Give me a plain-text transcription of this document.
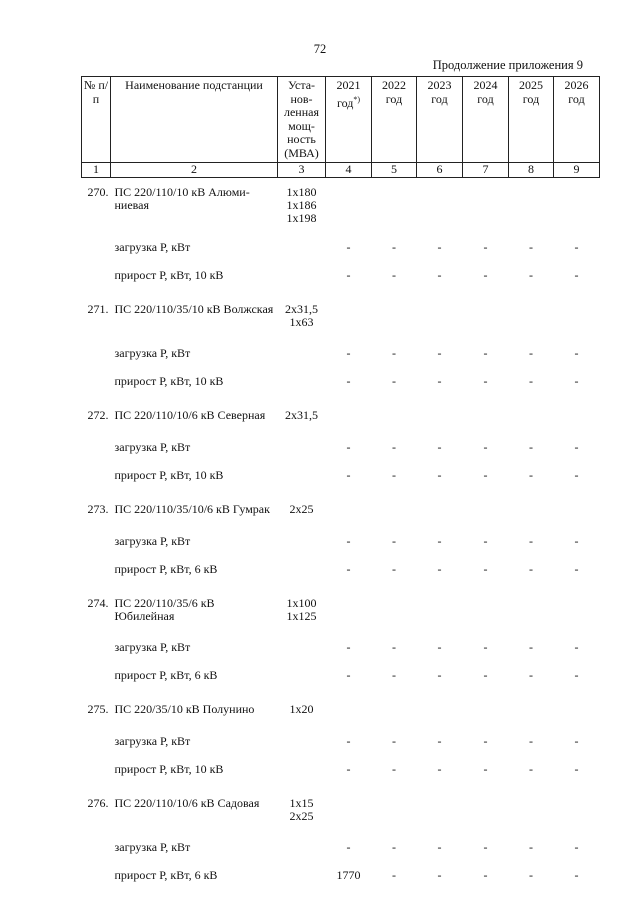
72
Продолжение приложения 9
№ п/п	Наименование подстанции	Уста-нов-ленная мощ-ность (МВА)	2021 год*)	2022 год	2023 год	2024 год	2025 год	2026 год
1	2	3	4	5	6	7	8	9
270.	ПС 220/110/10 кВ Алюми-ниевая	1х180
1х186
1х198						

	загрузка Р, кВт		-	-	-	-	-	-
	прирост Р, кВт, 10 кВ		-	-	-	-	-	-
271.	ПС 220/110/35/10 кВ Волжская	2х31,5
1х63						

	загрузка Р, кВт		-	-	-	-	-	-
	прирост Р, кВт, 10 кВ		-	-	-	-	-	-
272.	ПС 220/110/10/6 кВ Северная	2х31,5						

	загрузка Р, кВт		-	-	-	-	-	-
	прирост Р, кВт, 10 кВ		-	-	-	-	-	-
273.	ПС 220/110/35/10/6 кВ Гумрак	2х25						

	загрузка Р, кВт		-	-	-	-	-	-
	прирост Р, кВт, 6 кВ		-	-	-	-	-	-
274.	ПС 220/110/35/6 кВ Юбилейная	1х100
1х125						

	загрузка Р, кВт		-	-	-	-	-	-
	прирост Р, кВт, 6 кВ		-	-	-	-	-	-
275.	ПС 220/35/10 кВ Полунино	1х20						

	загрузка Р, кВт		-	-	-	-	-	-
	прирост Р, кВт, 10 кВ		-	-	-	-	-	-
276.	ПС 220/110/10/6 кВ Садовая	1х15
2х25						

	загрузка Р, кВт		-	-	-	-	-	-
	прирост Р, кВт, 6 кВ		1770	-	-	-	-	-
